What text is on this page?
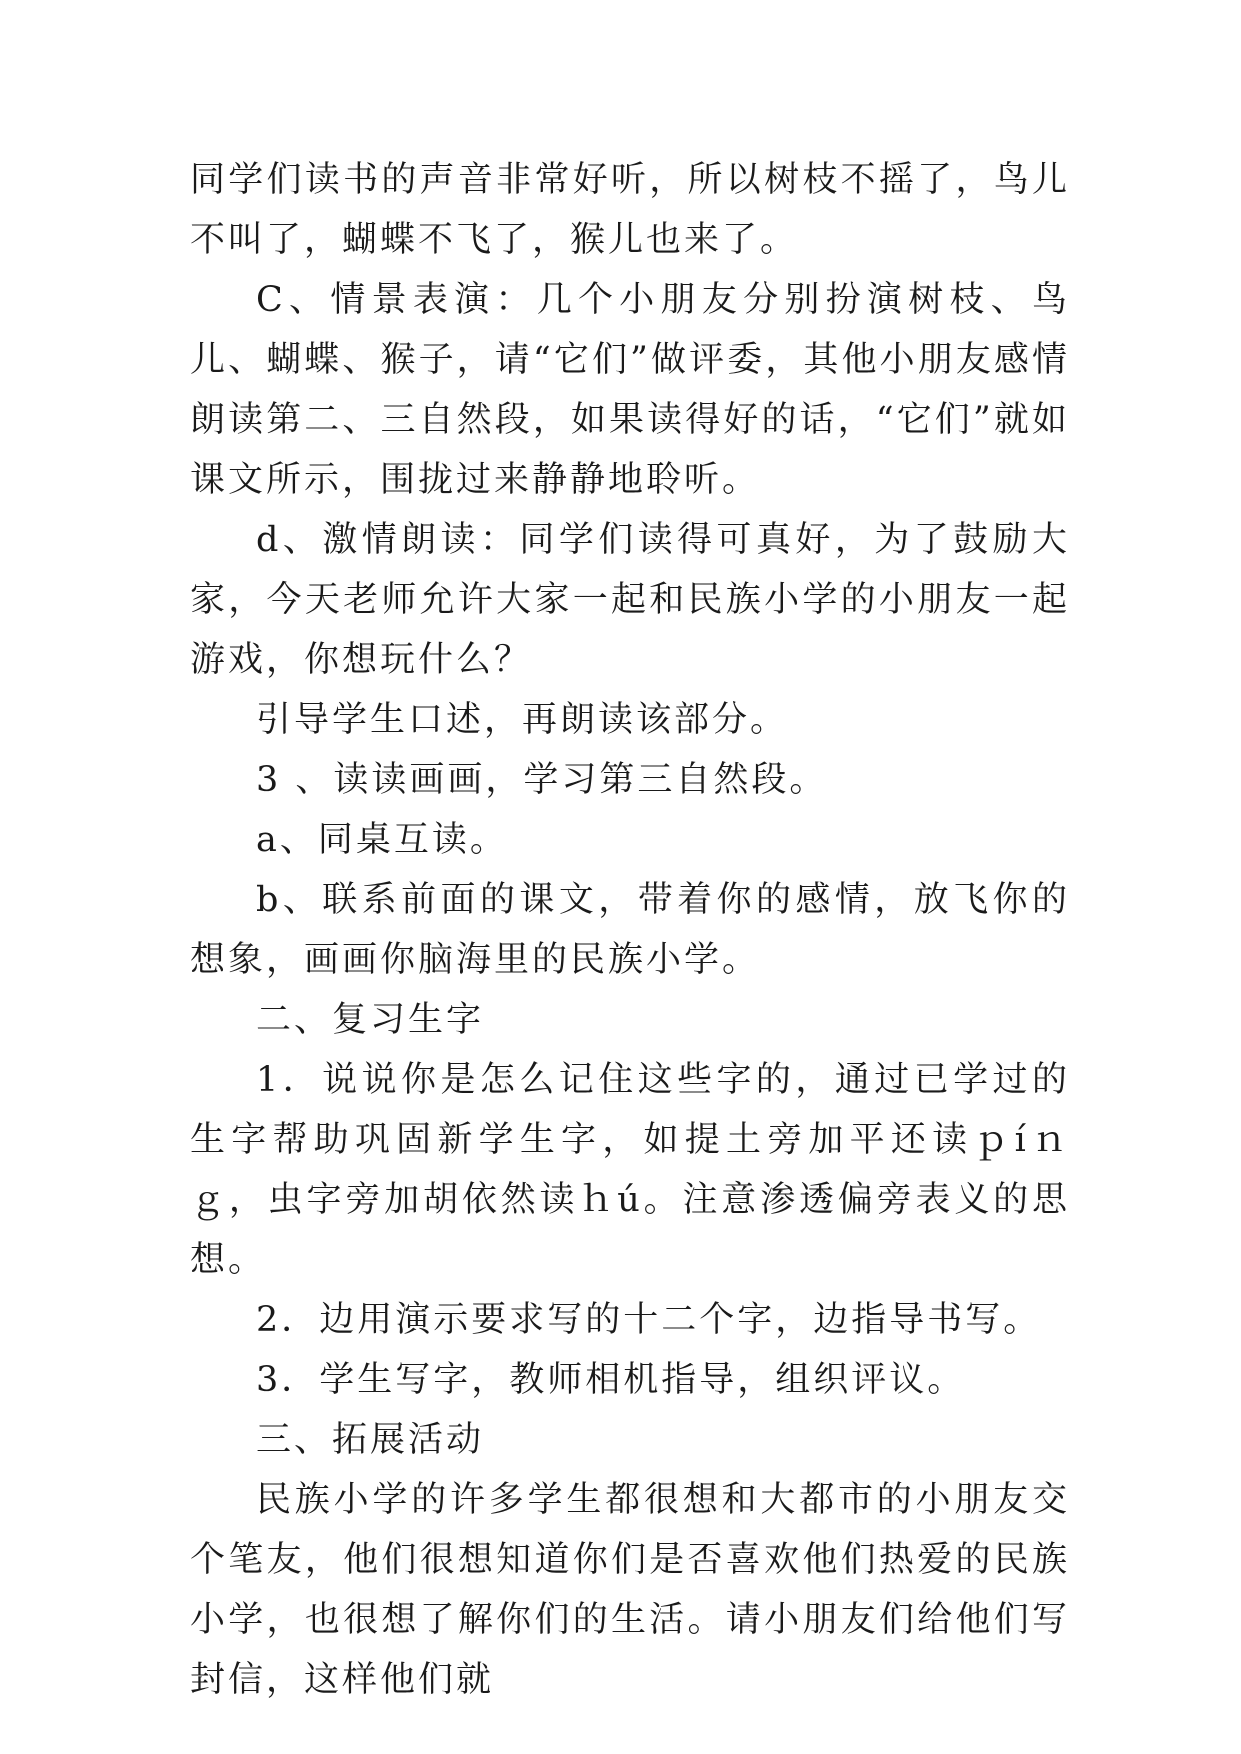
同学们读书的声音非常好听，所以树枝不摇了，鸟儿不叫了，蝴蝶不飞了，猴儿也来了。

C、情景表演：几个小朋友分别扮演树枝、鸟儿、蝴蝶、猴子，请“它们”做评委，其他小朋友感情朗读第二、三自然段，如果读得好的话，“它们”就如课文所示，围拢过来静静地聆听。

d、激情朗读：同学们读得可真好，为了鼓励大家，今天老师允许大家一起和民族小学的小朋友一起游戏，你想玩什么？

引导学生口述，再朗读该部分。

3 、读读画画，学习第三自然段。

a、同桌互读。

b、联系前面的课文，带着你的感情，放飞你的想象，画画你脑海里的民族小学。

二、复习生字

1．说说你是怎么记住这些字的，通过已学过的生字帮助巩固新学生字，如提土旁加平还读ｐíｎｇ，虫字旁加胡依然读ｈú。注意渗透偏旁表义的思想。

2．边用演示要求写的十二个字，边指导书写。

3．学生写字，教师相机指导，组织评议。

三、拓展活动

民族小学的许多学生都很想和大都市的小朋友交个笔友，他们很想知道你们是否喜欢他们热爱的民族小学，也很想了解你们的生活。请小朋友们给他们写封信，这样他们就
